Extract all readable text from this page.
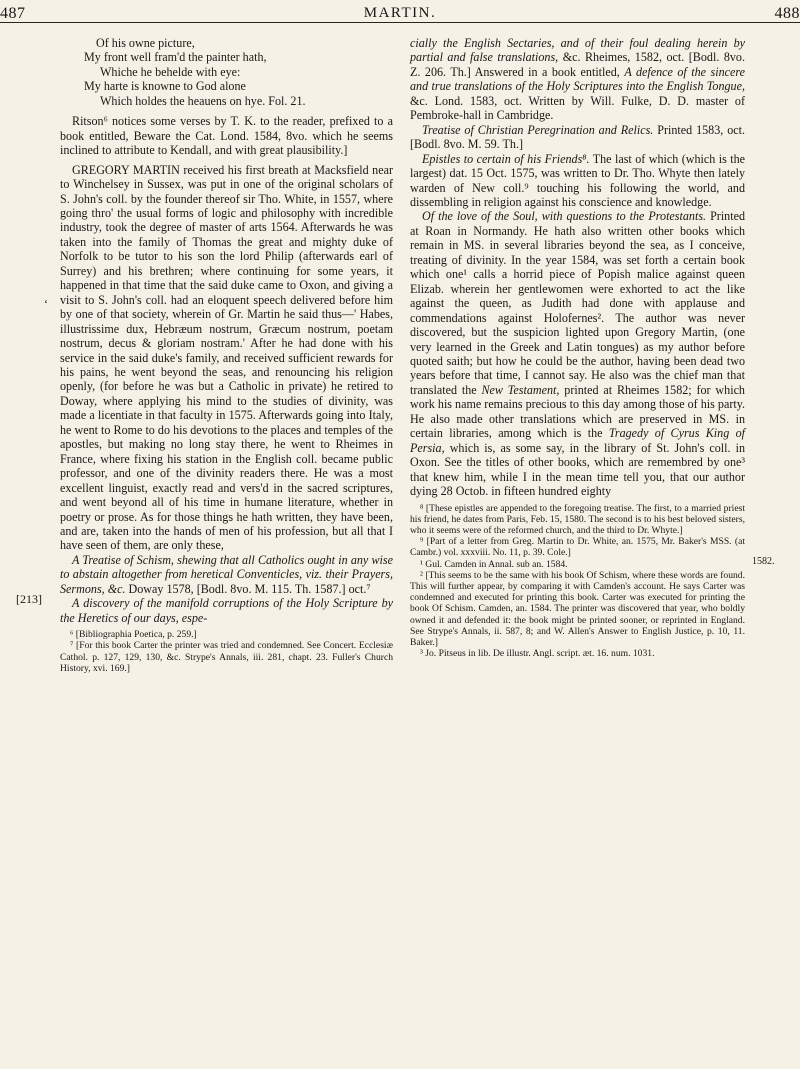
487	MARTIN.	488
‘
[213]
1582.
Of his owne picture,
My front well fram'd the painter hath,
Whiche he behelde with eye:
My harte is knowne to God alone
Which holdes the heauens on hye. Fol. 21.

Ritson⁶ notices some verses by T. K. to the reader, prefixed to a book entitled, Beware the Cat. Lond. 1584, 8vo. which he seems inclined to attribute to Kendall, and with great plausibility.]

GREGORY MARTIN received his first breath at Macksfield near to Winchelsey in Sussex, was put in one of the original scholars of S. John's coll. by the founder thereof sir Tho. White, in 1557, where going thro' the usual forms of logic and philosophy with incredible industry, took the degree of master of arts 1564. Afterwards he was taken into the family of Thomas the great and mighty duke of Norfolk to be tutor to his son the lord Philip (afterwards earl of Surrey) and his brethren; where continuing for some years, it happened in that time that the said duke came to Oxon, and giving a visit to S. John's coll. had an eloquent speech delivered before him by one of that society, wherein of Gr. Martin he said thus—' Habes, illustrissime dux, Hebræum nostrum, Græcum nostrum, poetam nostrum, decus & gloriam nostram.' After he had done with his service in the said duke's family, and received sufficient rewards for his pains, he went beyond the seas, and renouncing his religion openly, (for before he was but a Catholic in private) he retired to Doway, where applying his mind to the studies of divinity, was made a licentiate in that faculty in 1575. Afterwards going into Italy, he went to Rome to do his devotions to the places and temples of the apostles, but making no long stay there, he went to Rheimes in France, where fixing his station in the English coll. became public professor, and one of the divinity readers there. He was a most excellent linguist, exactly read and vers'd in the sacred scriptures, and went beyond all of his time in humane literature, whether in poetry or prose. As for those things he hath written, they have been, and are, taken into the hands of men of his profession, but all that I have seen of them, are only these,

A Treatise of Schism, shewing that all Catholics ought in any wise to abstain altogether from heretical Conventicles, viz. their Prayers, Sermons, &c. Doway 1578, [Bodl. 8vo. M. 115. Th. 1587.] oct.⁷

A discovery of the manifold corruptions of the Holy Scripture by the Heretics of our days, espe-

⁶ [Bibliographia Poetica, p. 259.]

⁷ [For this book Carter the printer was tried and condemned. See Concert. Ecclesiæ Cathol. p. 127, 129, 130, &c. Strype's Annals, iii. 281, chapt. 23. Fuller's Church History, xvi. 169.]

cially the English Sectaries, and of their foul dealing herein by partial and false translations, &c. Rheimes, 1582, oct. [Bodl. 8vo. Z. 206. Th.] Answered in a book entitled, A defence of the sincere and true translations of the Holy Scriptures into the English Tongue, &c. Lond. 1583, oct. Written by Will. Fulke, D. D. master of Pembroke-hall in Cambridge.

Treatise of Christian Peregrination and Relics. Printed 1583, oct. [Bodl. 8vo. M. 59. Th.]

Epistles to certain of his Friends⁸. The last of which (which is the largest) dat. 15 Oct. 1575, was written to Dr. Tho. Whyte then lately warden of New coll.⁹ touching his following the world, and dissembling in religion against his conscience and knowledge.

Of the love of the Soul, with questions to the Protestants. Printed at Roan in Normandy. He hath also written other books which remain in MS. in several libraries beyond the sea, as I conceive, treating of divinity. In the year 1584, was set forth a certain book which one¹ calls a horrid piece of Popish malice against queen Elizab. wherein her gentlewomen were exhorted to act the like against the queen, as Judith had done with applause and commendations against Holofernes². The author was never discovered, but the suspicion lighted upon Gregory Martin, (one very learned in the Greek and Latin tongues) as my author before quoted saith; but how he could be the author, having been dead two years before that time, I cannot say. He also was the chief man that translated the New Testament, printed at Rheimes 1582; for which work his name remains precious to this day among those of his party. He also made other translations which are preserved in MS. in certain libraries, among which is the Tragedy of Cyrus King of Persia, which is, as some say, in the library of St. John's coll. in Oxon. See the titles of other books, which are remembred by one³ that knew him, while I in the mean time tell you, that our author dying 28 Octob. in fifteen hundred eighty

⁸ [These epistles are appended to the foregoing treatise. The first, to a married priest his friend, he dates from Paris, Feb. 15, 1580. The second is to his best beloved sisters, who it seems were of the reformed church, and the third to Dr. Whyte.]

⁹ [Part of a letter from Greg. Martin to Dr. White, an. 1575, Mr. Baker's MSS. (at Cambr.) vol. xxxviii. No. 11, p. 39. Cole.]

¹ Gul. Camden in Annal. sub an. 1584.

² [This seems to be the same with his book Of Schism, where these words are found. This will further appear, by comparing it with Camden's account. He says Carter was condemned and executed for printing this book. Carter was executed for printing the book Of Schism. Camden, an. 1584. The printer was discovered that year, who boldly owned it and defended it: the book might be printed sooner, or reprinted in England. See Strype's Annals, ii. 587, 8; and W. Allen's Answer to English Justice, p. 10, 11. Baker.]

³ Jo. Pitseus in lib. De illustr. Angl. script. æt. 16. num. 1031.
